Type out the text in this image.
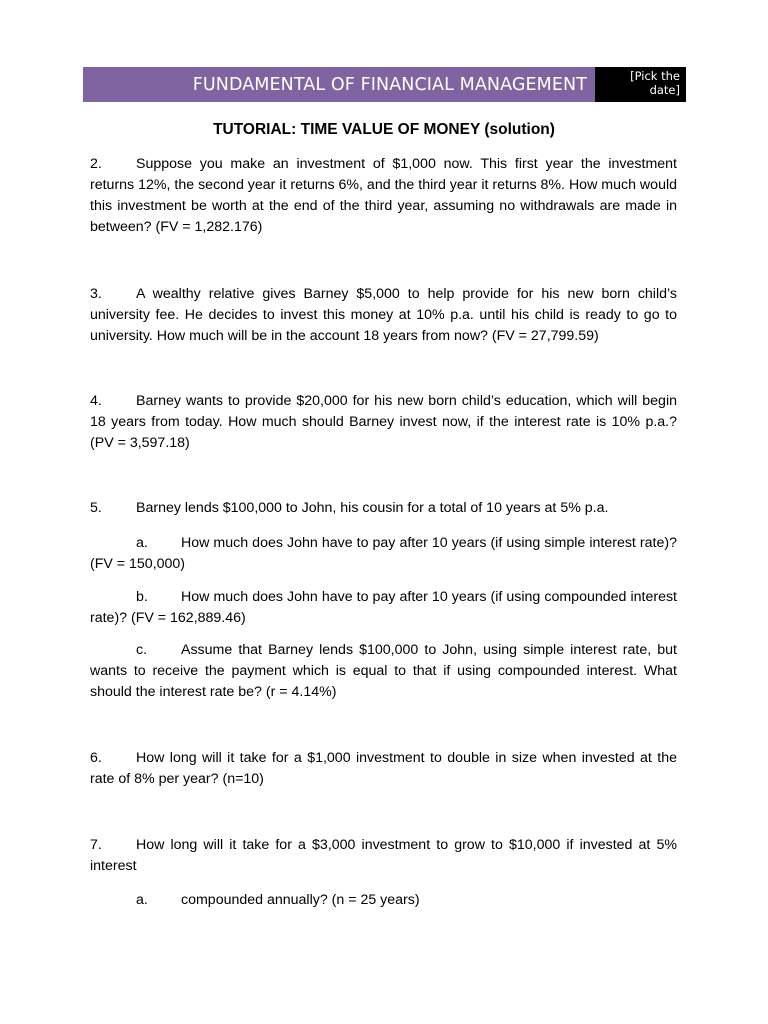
FUNDAMENTAL OF FINANCIAL MANAGEMENT	[Pick the
date]
TUTORIAL: TIME VALUE OF MONEY (solution)

2. Suppose you make an investment of $1,000 now. This first year the investment returns 12%, the second year it returns 6%, and the third year it returns 8%. How much would this investment be worth at the end of the third year, assuming no withdrawals are made in between? (FV = 1,282.176)

3. A wealthy relative gives Barney $5,000 to help provide for his new born child’s university fee. He decides to invest this money at 10% p.a. until his child is ready to go to university. How much will be in the account 18 years from now? (FV = 27,799.59)

4. Barney wants to provide $20,000 for his new born child’s education, which will begin 18 years from today. How much should Barney invest now, if the interest rate is 10% p.a.? (PV = 3,597.18)

5. Barney lends $100,000 to John, his cousin for a total of 10 years at 5% p.a.

a. How much does John have to pay after 10 years (if using simple interest rate)? (FV = 150,000)

b. How much does John have to pay after 10 years (if using compounded interest rate)? (FV = 162,889.46)

c. Assume that Barney lends $100,000 to John, using simple interest rate, but wants to receive the payment which is equal to that if using compounded interest. What should the interest rate be? (r = 4.14%)

6. How long will it take for a $1,000 investment to double in size when invested at the rate of 8% per year? (n=10)

7. How long will it take for a $3,000 investment to grow to $10,000 if invested at 5% interest

a. compounded annually? (n = 25 years)
